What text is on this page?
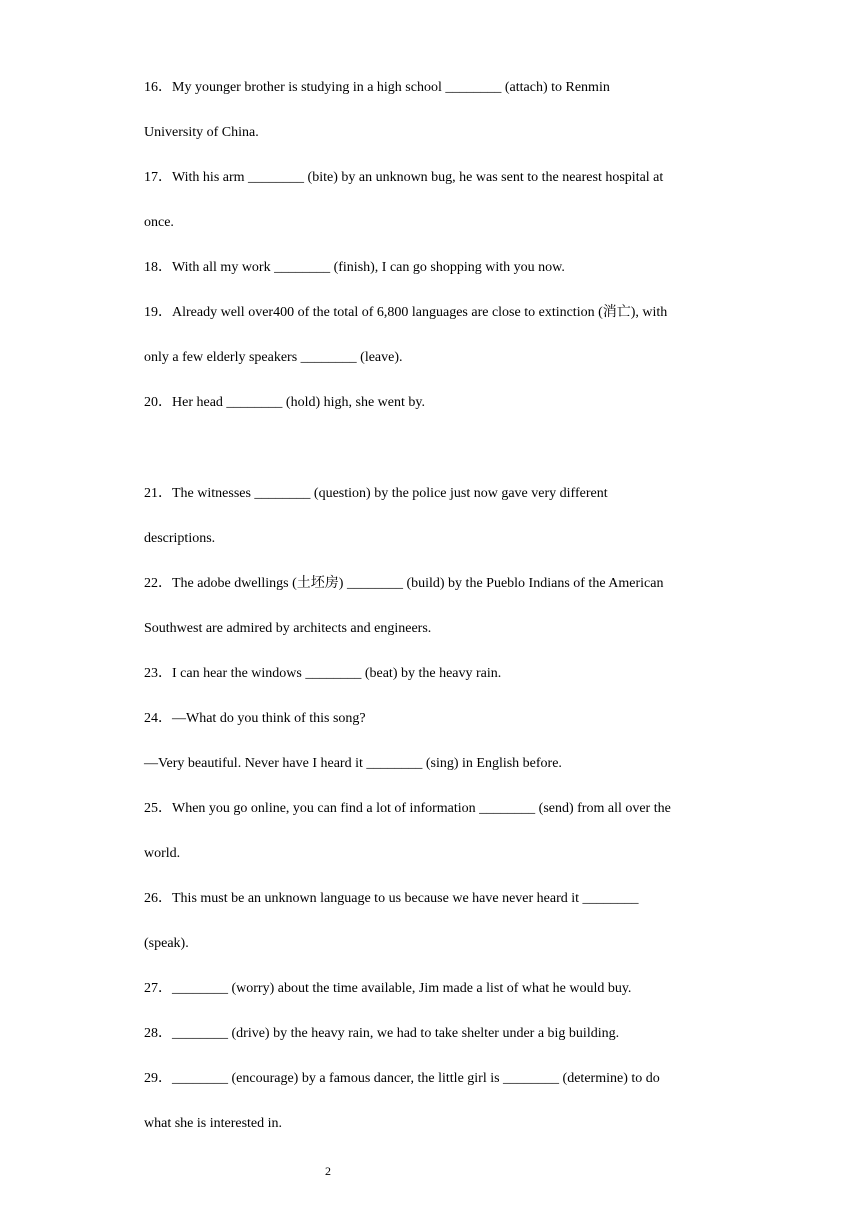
16．My younger brother is studying in a high school ________ (attach) to Renmin
University of China.
17．With his arm ________ (bite) by an unknown bug, he was sent to the nearest hospital at
once.
18．With all my work ________ (finish), I can go shopping with you now.
19．Already well over400 of the total of 6,800 languages are close to extinction (消亡), with
only a few elderly speakers ________ (leave).
20．Her head ________ (hold) high, she went by.
21．The witnesses ________ (question) by the police just now gave very different
descriptions.
22．The adobe dwellings (土坯房) ________ (build) by the Pueblo Indians of the American
Southwest are admired by architects and engineers.
23．I can hear the windows ________ (beat) by the heavy rain.
24．—What do you think of this song?
—Very beautiful. Never have I heard it ________ (sing) in English before.
25．When you go online, you can find a lot of information ________ (send) from all over the
world.
26．This must be an unknown language to us because we have never heard it ________
(speak).
27．________ (worry) about the time available, Jim made a list of what he would buy.
28．________ (drive) by the heavy rain, we had to take shelter under a big building.
29．________ (encourage) by a famous dancer, the little girl is ________ (determine) to do
what she is interested in.
2
